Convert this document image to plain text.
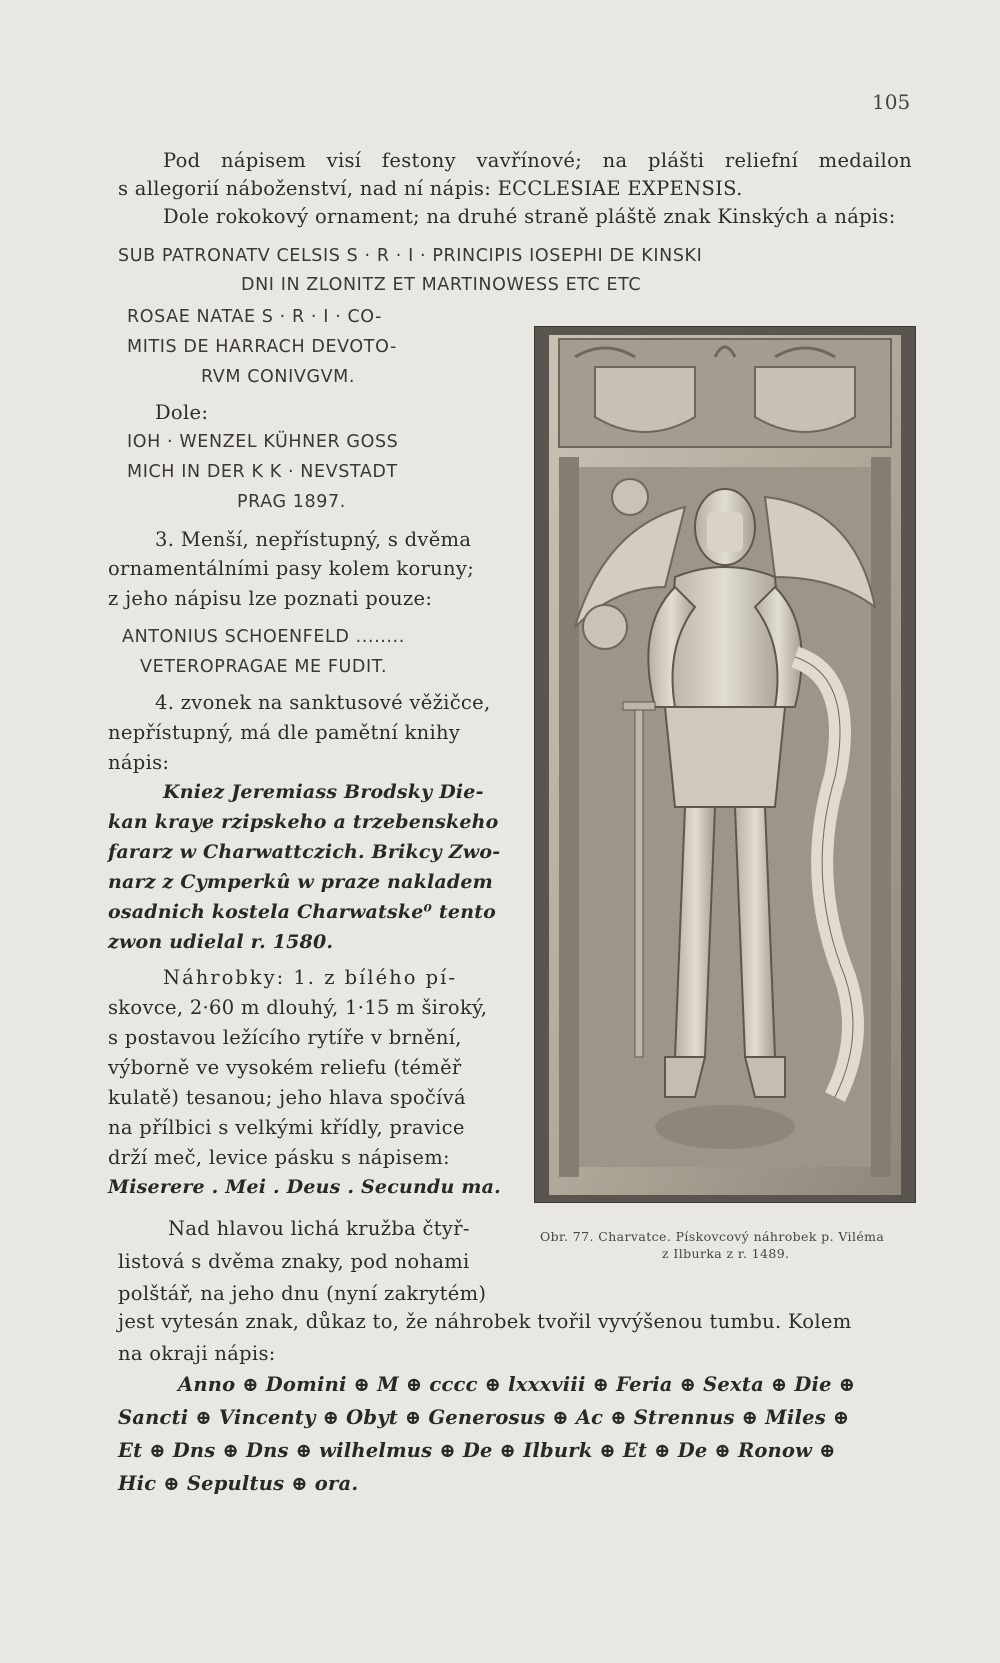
105
Pod nápisem visí festony vavřínové; na plášti reliefní medailon
s allegorií náboženství, nad ní nápis: ECCLESIAE EXPENSIS.
Dole rokokový ornament; na druhé straně pláště znak Kinských a nápis:
SUB PATRONATV CELSIS S · R · I · PRINCIPIS IOSEPHI DE KINSKI
DNI IN ZLONITZ ET MARTINOWESS ETC ETC
ROSAE NATAE S · R · I · CO-
MITIS DE HARRACH DEVOTO-
RVM CONIVGVM.
Dole:
IOH · WENZEL KÜHNER GOSS
MICH IN DER K K · NEVSTADT
PRAG 1897.
3. Menší, nepřístupný, s dvěma
ornamentálními pasy kolem koruny;
z jeho nápisu lze poznati pouze:
ANTONIUS SCHOENFELD ........
VETEROPRAGAE ME FUDIT.
4. zvonek na sanktusové věžičce,
nepřístupný, má dle pamětní knihy
nápis:
Kniez Jeremiass Brodsky Die-
kan kraye rzipskeho a trzebenskeho
fararz w Charwattczich. Brikcy Zwo-
narz z Cymperkû w praze nakladem
osadnich kostela Charwatske⁰ tento
zwon udielal r. 1580.
Náhrobky: 1. z bílého pí-
skovce, 2·60 m dlouhý, 1·15 m široký,
s postavou ležícího rytíře v brnění,
výborně ve vysokém reliefu (téměř
kulatě) tesanou; jeho hlava spočívá
na přílbici s velkými křídly, pravice
drží meč, levice pásku s nápisem:
Miserere . Mei . Deus . Secundu ma.
Nad hlavou lichá kružba čtyř-
listová s dvěma znaky, pod nohami
polštář, na jeho dnu (nyní zakrytém)
jest vytesán znak, důkaz to, že náhrobek tvořil vyvýšenou tumbu. Kolem
na okraji nápis:
Anno ⊕ Domini ⊕ M ⊕ cccc ⊕ lxxxviii ⊕ Feria ⊕ Sexta ⊕ Die ⊕
Sancti ⊕ Vincenty ⊕ Obyt ⊕ Generosus ⊕ Ac ⊕ Strennus ⊕ Miles ⊕
Et ⊕ Dns ⊕ Dns ⊕ wilhelmus ⊕ De ⊕ Ilburk ⊕ Et ⊕ De ⊕ Ronow ⊕
Hic ⊕ Sepultus ⊕ ora.
Obr. 77. Charvatce. Pískovcový náhrobek p. Viléma
z Ilburka z r. 1489.
